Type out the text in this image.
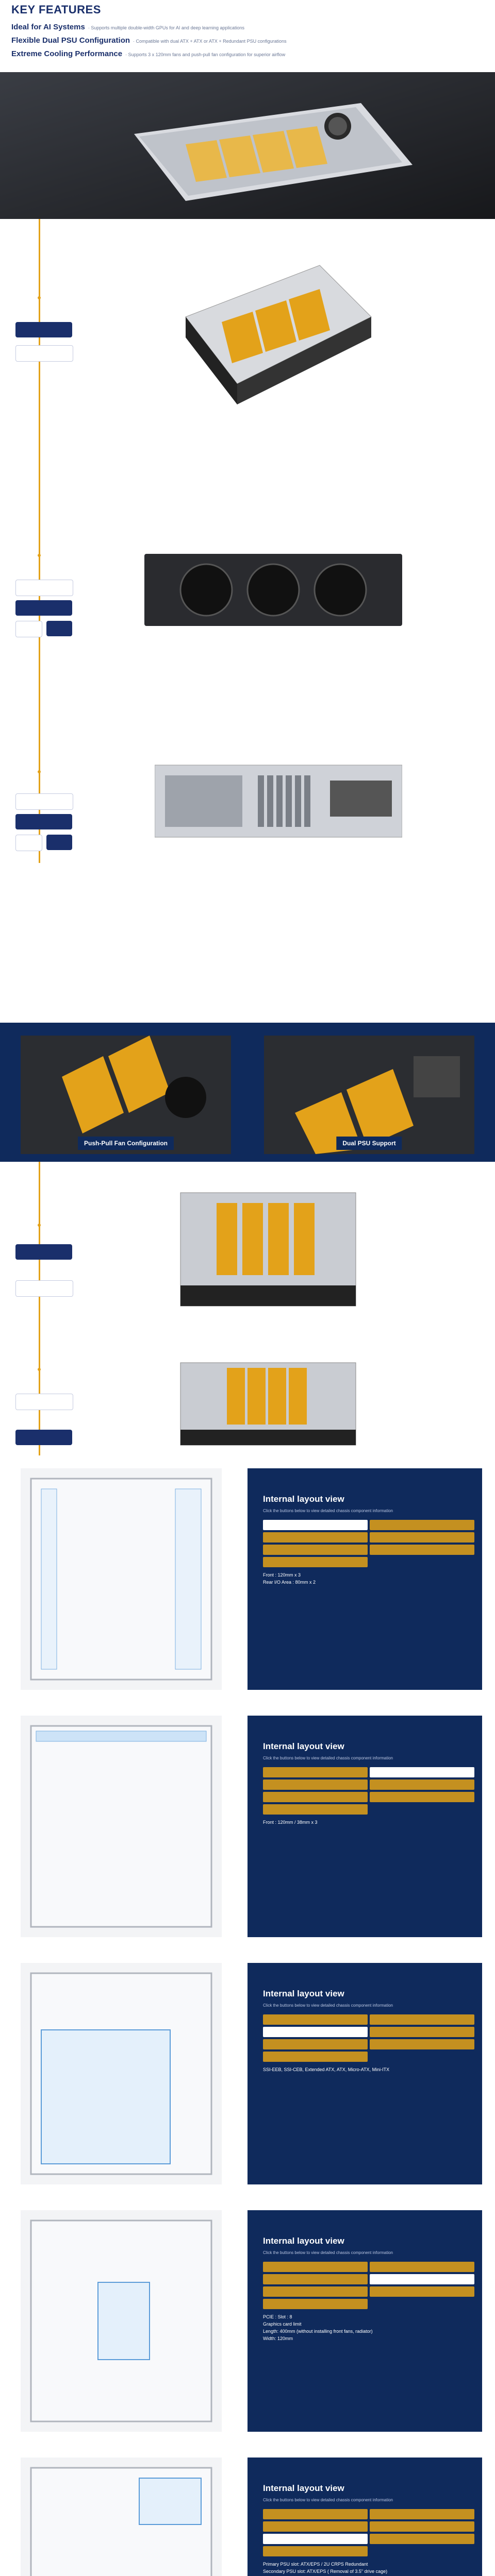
KEY FEATURES
Ideal for AI Systems · Supports multiple double-width GPUs for AI and deep learning applications
Flexible Dual PSU Configuration · Compatible with dual ATX + ATX or ATX + Redundant PSU configurations
Extreme Cooling Performance · Supports 3 x 120mm fans and push-pull fan configuration for superior airflow
Push-Pull Fan Configuration	Dual PSU Support
Internal layout view
Click the buttons below to view detailed chassis component information
Front : 120mm x 3
Rear I/O Area : 80mm x 2
Internal layout view
Click the buttons below to view detailed chassis component information
Front : 120mm / 38mm x 3
Internal layout view
Click the buttons below to view detailed chassis component information
SSI-EEB, SSI-CEB, Extended ATX, ATX, Micro-ATX, Mini-ITX
Internal layout view
Click the buttons below to view detailed chassis component information
PCIE : Slot : 8
Graphics card limit
Length: 400mm (without installing front fans, radiator)
Width: 120mm
Internal layout view
Click the buttons below to view detailed chassis component information
Primary PSU slot: ATX/EPS / 2U CRPS Redundant
Secondary PSU slot: ATX/EPS ( Removal of 3.5" drive cage)
